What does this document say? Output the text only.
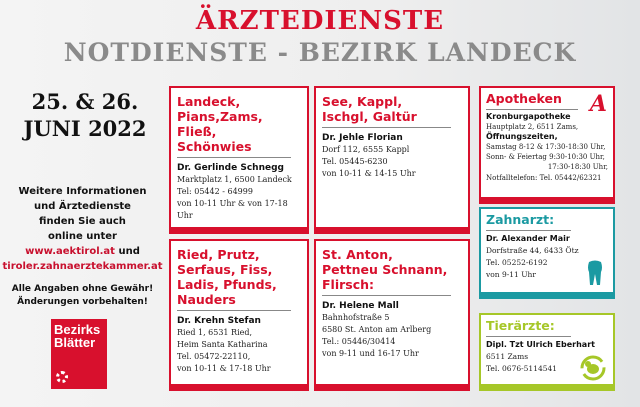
ÄRZTEDIENSTE
NOTDIENSTE - BEZIRK LANDECK
25. & 26.
JUNI 2022
Weitere Informationen
und Ärztedienste
finden Sie auch
online unter
www.aektirol.at und
tiroler.zahnaerztekammer.at
Alle Angaben ohne Gewähr!
Änderungen vorbehalten!
Bezirks
Blätter
Landeck, Pians,Zams, Fließ, Schönwies
Dr. Gerlinde Schnegg
Marktplatz 1, 6500 Landeck
Tel: 05442 - 64999
von 10-11 Uhr & von 17-18 Uhr
See, Kappl, Ischgl, Galtür
Dr. Jehle Florian
Dorf 112, 6555 Kappl
Tel. 05445-6230
von 10-11 & 14-15 Uhr
Ried, Prutz, Serfaus, Fiss, Ladis, Pfunds, Nauders
Dr. Krehn Stefan
Ried 1, 6531 Ried,
Heim Santa Katharina
Tel. 05472-22110,
von 10-11 & 17-18 Uhr
St. Anton, Pettneu Schnann, Flirsch:
Dr. Helene Mall
Bahnhofstraße 5
6580 St. Anton am Arlberg
Tel.: 05446/30414
von 9-11 und 16-17 Uhr
Apotheken
Kronburgapotheke
Hauptplatz 2, 6511 Zams,
Öffnungszeiten,
Samstag 8-12 & 17:30-18:30 Uhr,
Sonn- & Feiertag 9:30-10:30 Uhr,
17:30-18:30 Uhr,
Notfalltelefon: Tel. 05442/62321
A
Zahnarzt:
Dr. Alexander Mair
Dorfstraße 44, 6433 Ötz
Tel. 05252-6192
von 9-11 Uhr
Tierärzte:
Dipl. Tzt Ulrich Eberhart
6511 Zams
Tel. 0676-5114541
